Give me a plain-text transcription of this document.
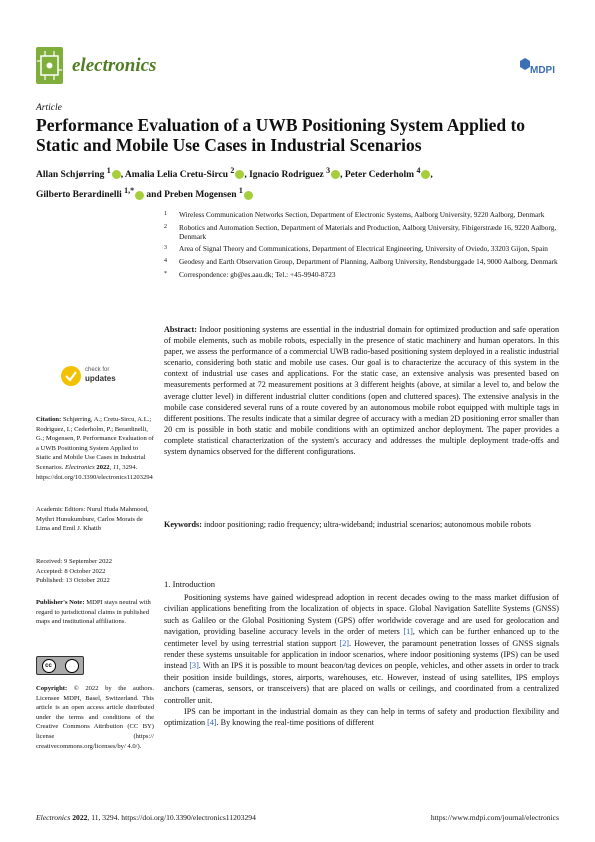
electronics	MDPI
Article
Performance Evaluation of a UWB Positioning System Applied to Static and Mobile Use Cases in Industrial Scenarios
Allan Schjørring $^1$ , Amalia Lelia Cretu-Sircu $^2$ , Ignacio Rodriguez $^3$ , Peter Cederholm $^4$ ,
Gilberto Berardinelli $^{1,*}$ and Preben Mogensen $^1$
1	Wireless Communication Networks Section, Department of Electronic Systems, Aalborg University, 9220 Aalborg, Denmark
2	Robotics and Automation Section, Department of Materials and Production, Aalborg University, Fibigerstræde 16, 9220 Aalborg, Denmark
3	Area of Signal Theory and Communications, Department of Electrical Engineering, University of Oviedo, 33203 Gijon, Spain
4	Geodesy and Earth Observation Group, Department of Planning, Aalborg University, Rendsburggade 14, 9000 Aalborg, Denmark
*	Correspondence: gb@es.aau.dk; Tel.: +45-9940-8723
Abstract: Indoor positioning systems are essential in the industrial domain for optimized production and safe operation of mobile elements, such as mobile robots, especially in the presence of static machinery and human operators. In this paper, we assess the performance of a commercial UWB radio-based positioning system deployed in a realistic industrial scenario, considering both static and mobile use cases. Our goal is to characterize the accuracy of this system in the context of industrial use cases and applications. For the static case, an extensive analysis was presented based on measurements performed at 72 measurement positions at 3 different heights (above, at similar a level to, and below the average clutter level) in different industrial clutter conditions (open and cluttered spaces). The extensive analysis in the mobile case considered several runs of a route covered by an autonomous mobile robot equipped with multiple tags in different positions. The results indicate that a similar degree of accuracy with a median 2D positioning error smaller than 20 cm is possible in both static and mobile conditions with an optimized anchor deployment. The paper provides a complete statistical characterization of the system's accuracy and addresses the multiple deployment trade-offs and system dynamics observed for the different configurations.
Keywords: indoor positioning; radio frequency; ultra-wideband; industrial scenarios; autonomous mobile robots
check for
updates
Citation: Schjørring, A.; Cretu-Sircu, A.L.; Rodriguez, I.; Cederholm, P.; Berardinelli, G.; Mogensen, P. Performance Evaluation of a UWB Positioning System Applied to Static and Mobile Use Cases in Industrial Scenarios. Electronics 2022, 11, 3294. https://doi.org/10.3390/electronics11203294
Academic Editors: Nurul Huda Mahmood, Mythri Hunukumbure, Carlos Morais de Lima and Emil J. Khatib
Received: 9 September 2022
Accepted: 8 October 2022
Published: 13 October 2022
Publisher's Note: MDPI stays neutral with regard to jurisdictional claims in published maps and institutional affiliations.
cc
Copyright: © 2022 by the authors. Licensee MDPI, Basel, Switzerland. This article is an open access article distributed under the terms and conditions of the Creative Commons Attribution (CC BY) license (https:// creativecommons.org/licenses/by/ 4.0/).
1. Introduction

Positioning systems have gained widespread adoption in recent decades owing to the mass market diffusion of civilian applications benefiting from the localization of objects in space. Global Navigation Satellite Systems (GNSS) such as Galileo or the Global Positioning System (GPS) offer worldwide coverage and are used for geolocation and navigation, providing baseline accuracy levels in the order of meters [1], which can be further enhanced up to the centimeter level by using terrestrial station support [2]. However, the paramount penetration losses of GNSS signals render these systems unsuitable for application in indoor scenarios, where indoor positioning systems (IPS) can be used instead [3]. With an IPS it is possible to mount beacon/tag devices on people, vehicles, and other assets in order to track their position inside buildings, stores, airports, warehouses, etc. However, instead of using satellites, IPS employs anchors (cameras, sensors, or transceivers) that are placed on walls or ceilings, and coordinated from a centralized controller unit.

IPS can be important in the industrial domain as they can help in terms of safety and production flexibility and optimization [4]. By knowing the real-time positions of different

Electronics 2022, 11, 3294. https://doi.org/10.3390/electronics11203294	https://www.mdpi.com/journal/electronics
